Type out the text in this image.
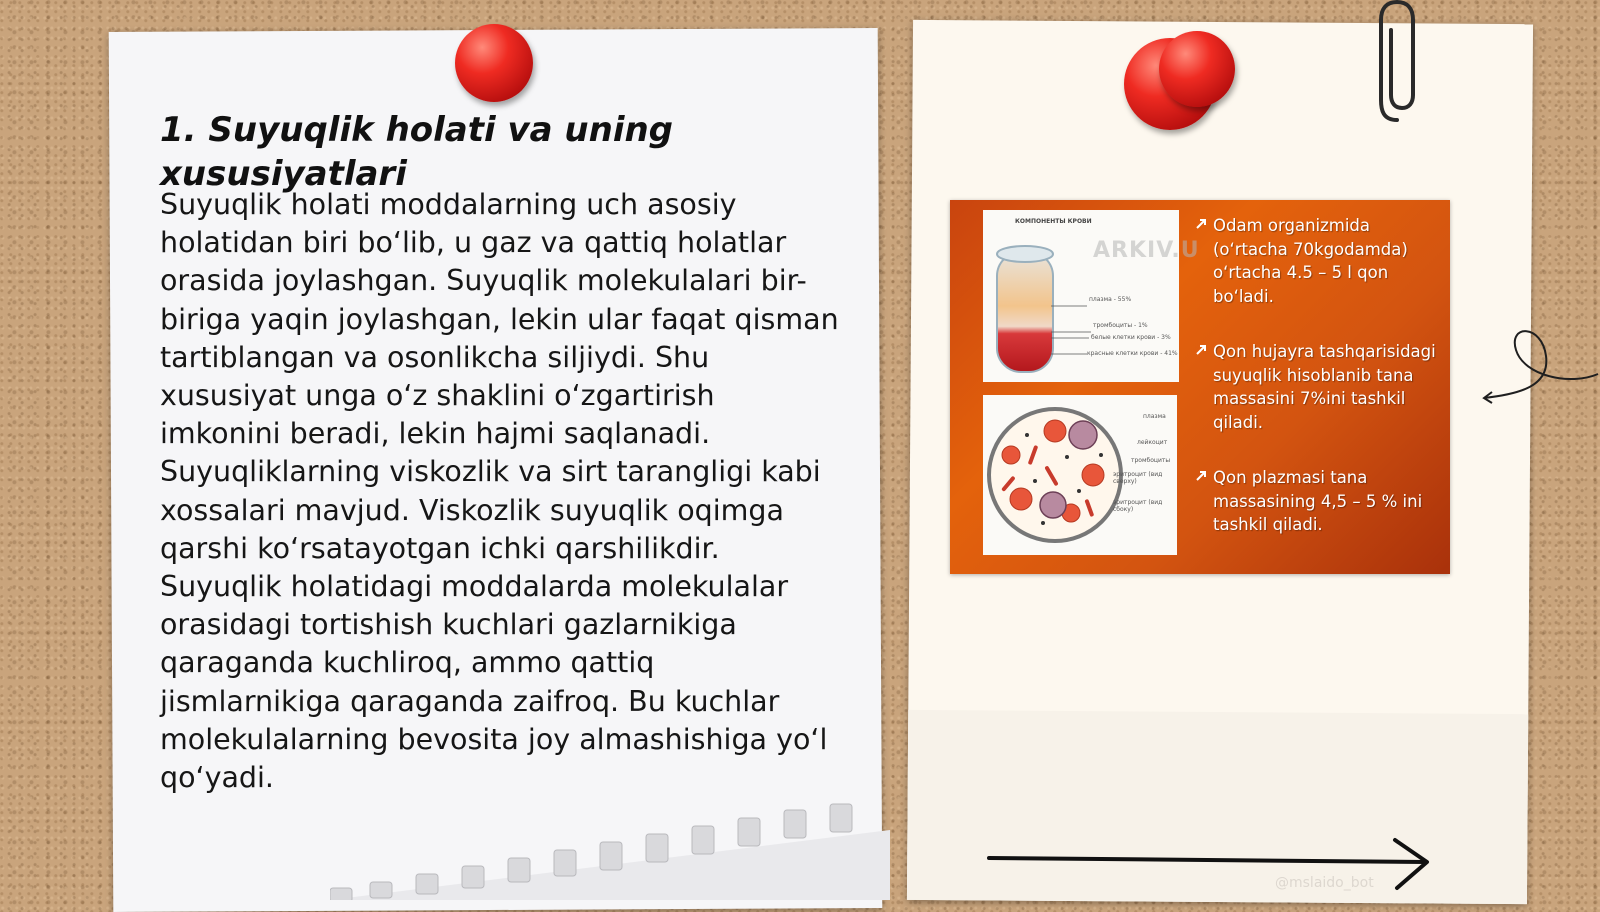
1. Suyuqlik holati va uning xususiyatlari

Suyuqlik holati moddalarning uch asosiy holatidan biri bo‘lib, u gaz va qattiq holatlar orasida joylashgan. Suyuqlik molekulalari bir-biriga yaqin joylashgan, lekin ular faqat qisman tartiblangan va osonlikcha siljiydi. Shu xususiyat unga o‘z shaklini o‘zgartirish imkonini beradi, lekin hajmi saqlanadi. Suyuqliklarning viskozlik va sirt tarangligi kabi xossalari mavjud. Viskozlik suyuqlik oqimga qarshi ko‘rsatayotgan ichki qarshilikdir. Suyuqlik holatidagi moddalarda molekulalar orasidagi tortishish kuchlari gazlarnikiga qaraganda kuchliroq, ammo qattiq jismlarnikiga qaraganda zaifroq. Bu kuchlar molekulalarning bevosita joy almashishiga yo‘l qo‘yadi.

КОМПОНЕНТЫ КРОВИ
плазма - 55%
тромбоциты - 1%
белые клетки крови - 3%
красные клетки крови - 41%
ARKIV.U
плазма
лейкоцит
тромбоциты
эритроцит (вид сверху)
эритроцит (вид сбоку)
Odam organizmida (o‘rtacha 70kgodamda) o‘rtacha 4.5 – 5 l qon bo‘ladi.
Qon hujayra tashqarisidagi suyuqlik hisoblanib tana massasini 7%ini tashkil qiladi.
Qon plazmasi tana massasining 4,5 – 5 % ini tashkil qiladi.
@mslaido_bot
